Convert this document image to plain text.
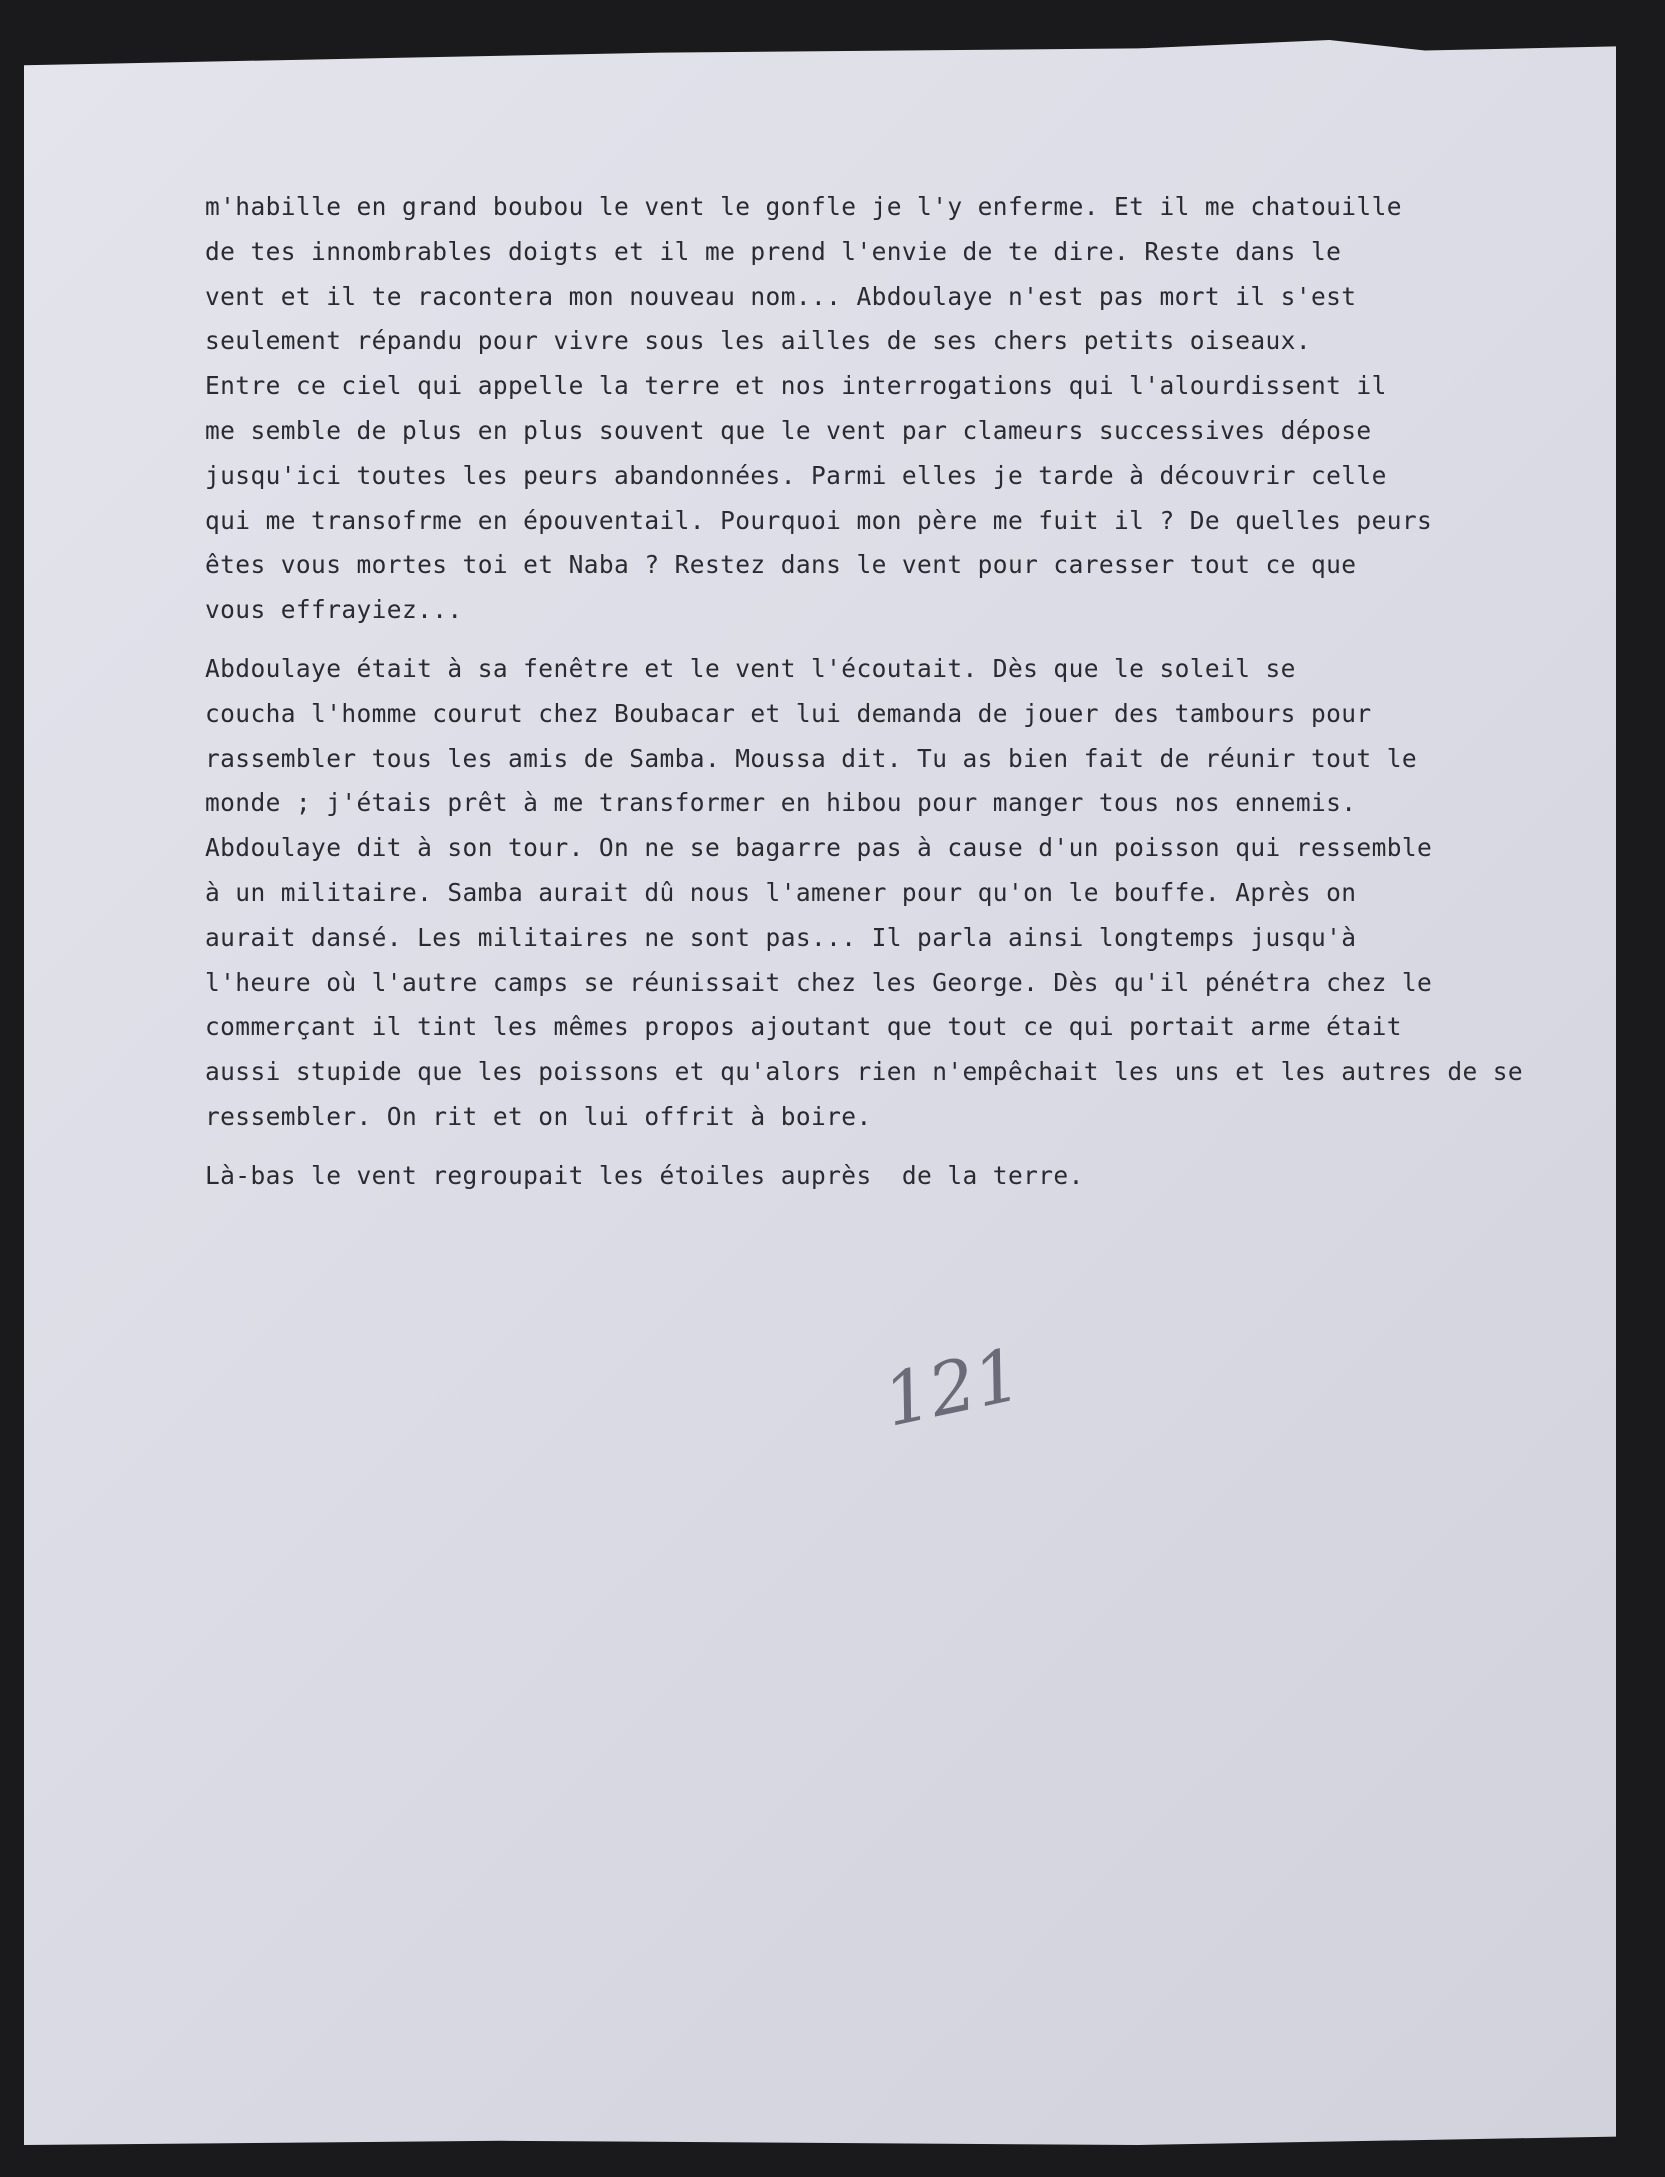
m'habille en grand boubou le vent le gonfle je l'y enferme. Et il me chatouille
de tes innombrables doigts et il me prend l'envie de te dire. Reste dans le
vent et il te racontera mon nouveau nom... Abdoulaye n'est pas mort il s'est
seulement répandu pour vivre sous les ailles de ses chers petits oiseaux.
Entre ce ciel qui appelle la terre et nos interrogations qui l'alourdissent il
me semble de plus en plus souvent que le vent par clameurs successives dépose
jusqu'ici toutes les peurs abandonnées. Parmi elles je tarde à découvrir celle
qui me transofrme en épouventail. Pourquoi mon père me fuit il ? De quelles peurs
êtes vous mortes toi et Naba ? Restez dans le vent pour caresser tout ce que
vous effrayiez...
Abdoulaye était à sa fenêtre et le vent l'écoutait. Dès que le soleil se
coucha l'homme courut chez Boubacar et lui demanda de jouer des tambours pour
rassembler tous les amis de Samba. Moussa dit. Tu as bien fait de réunir tout le
monde ; j'étais prêt à me transformer en hibou pour manger tous nos ennemis.
Abdoulaye dit à son tour. On ne se bagarre pas à cause d'un poisson qui ressemble
à un militaire. Samba aurait dû nous l'amener pour qu'on le bouffe. Après on
aurait dansé. Les militaires ne sont pas... Il parla ainsi longtemps jusqu'à
l'heure où l'autre camps se réunissait chez les George. Dès qu'il pénétra chez le
commerçant il tint les mêmes propos ajoutant que tout ce qui portait arme était
aussi stupide que les poissons et qu'alors rien n'empêchait les uns et les autres de se
ressembler. On rit et on lui offrit à boire.
Là-bas le vent regroupait les étoiles auprès  de la terre.
121
